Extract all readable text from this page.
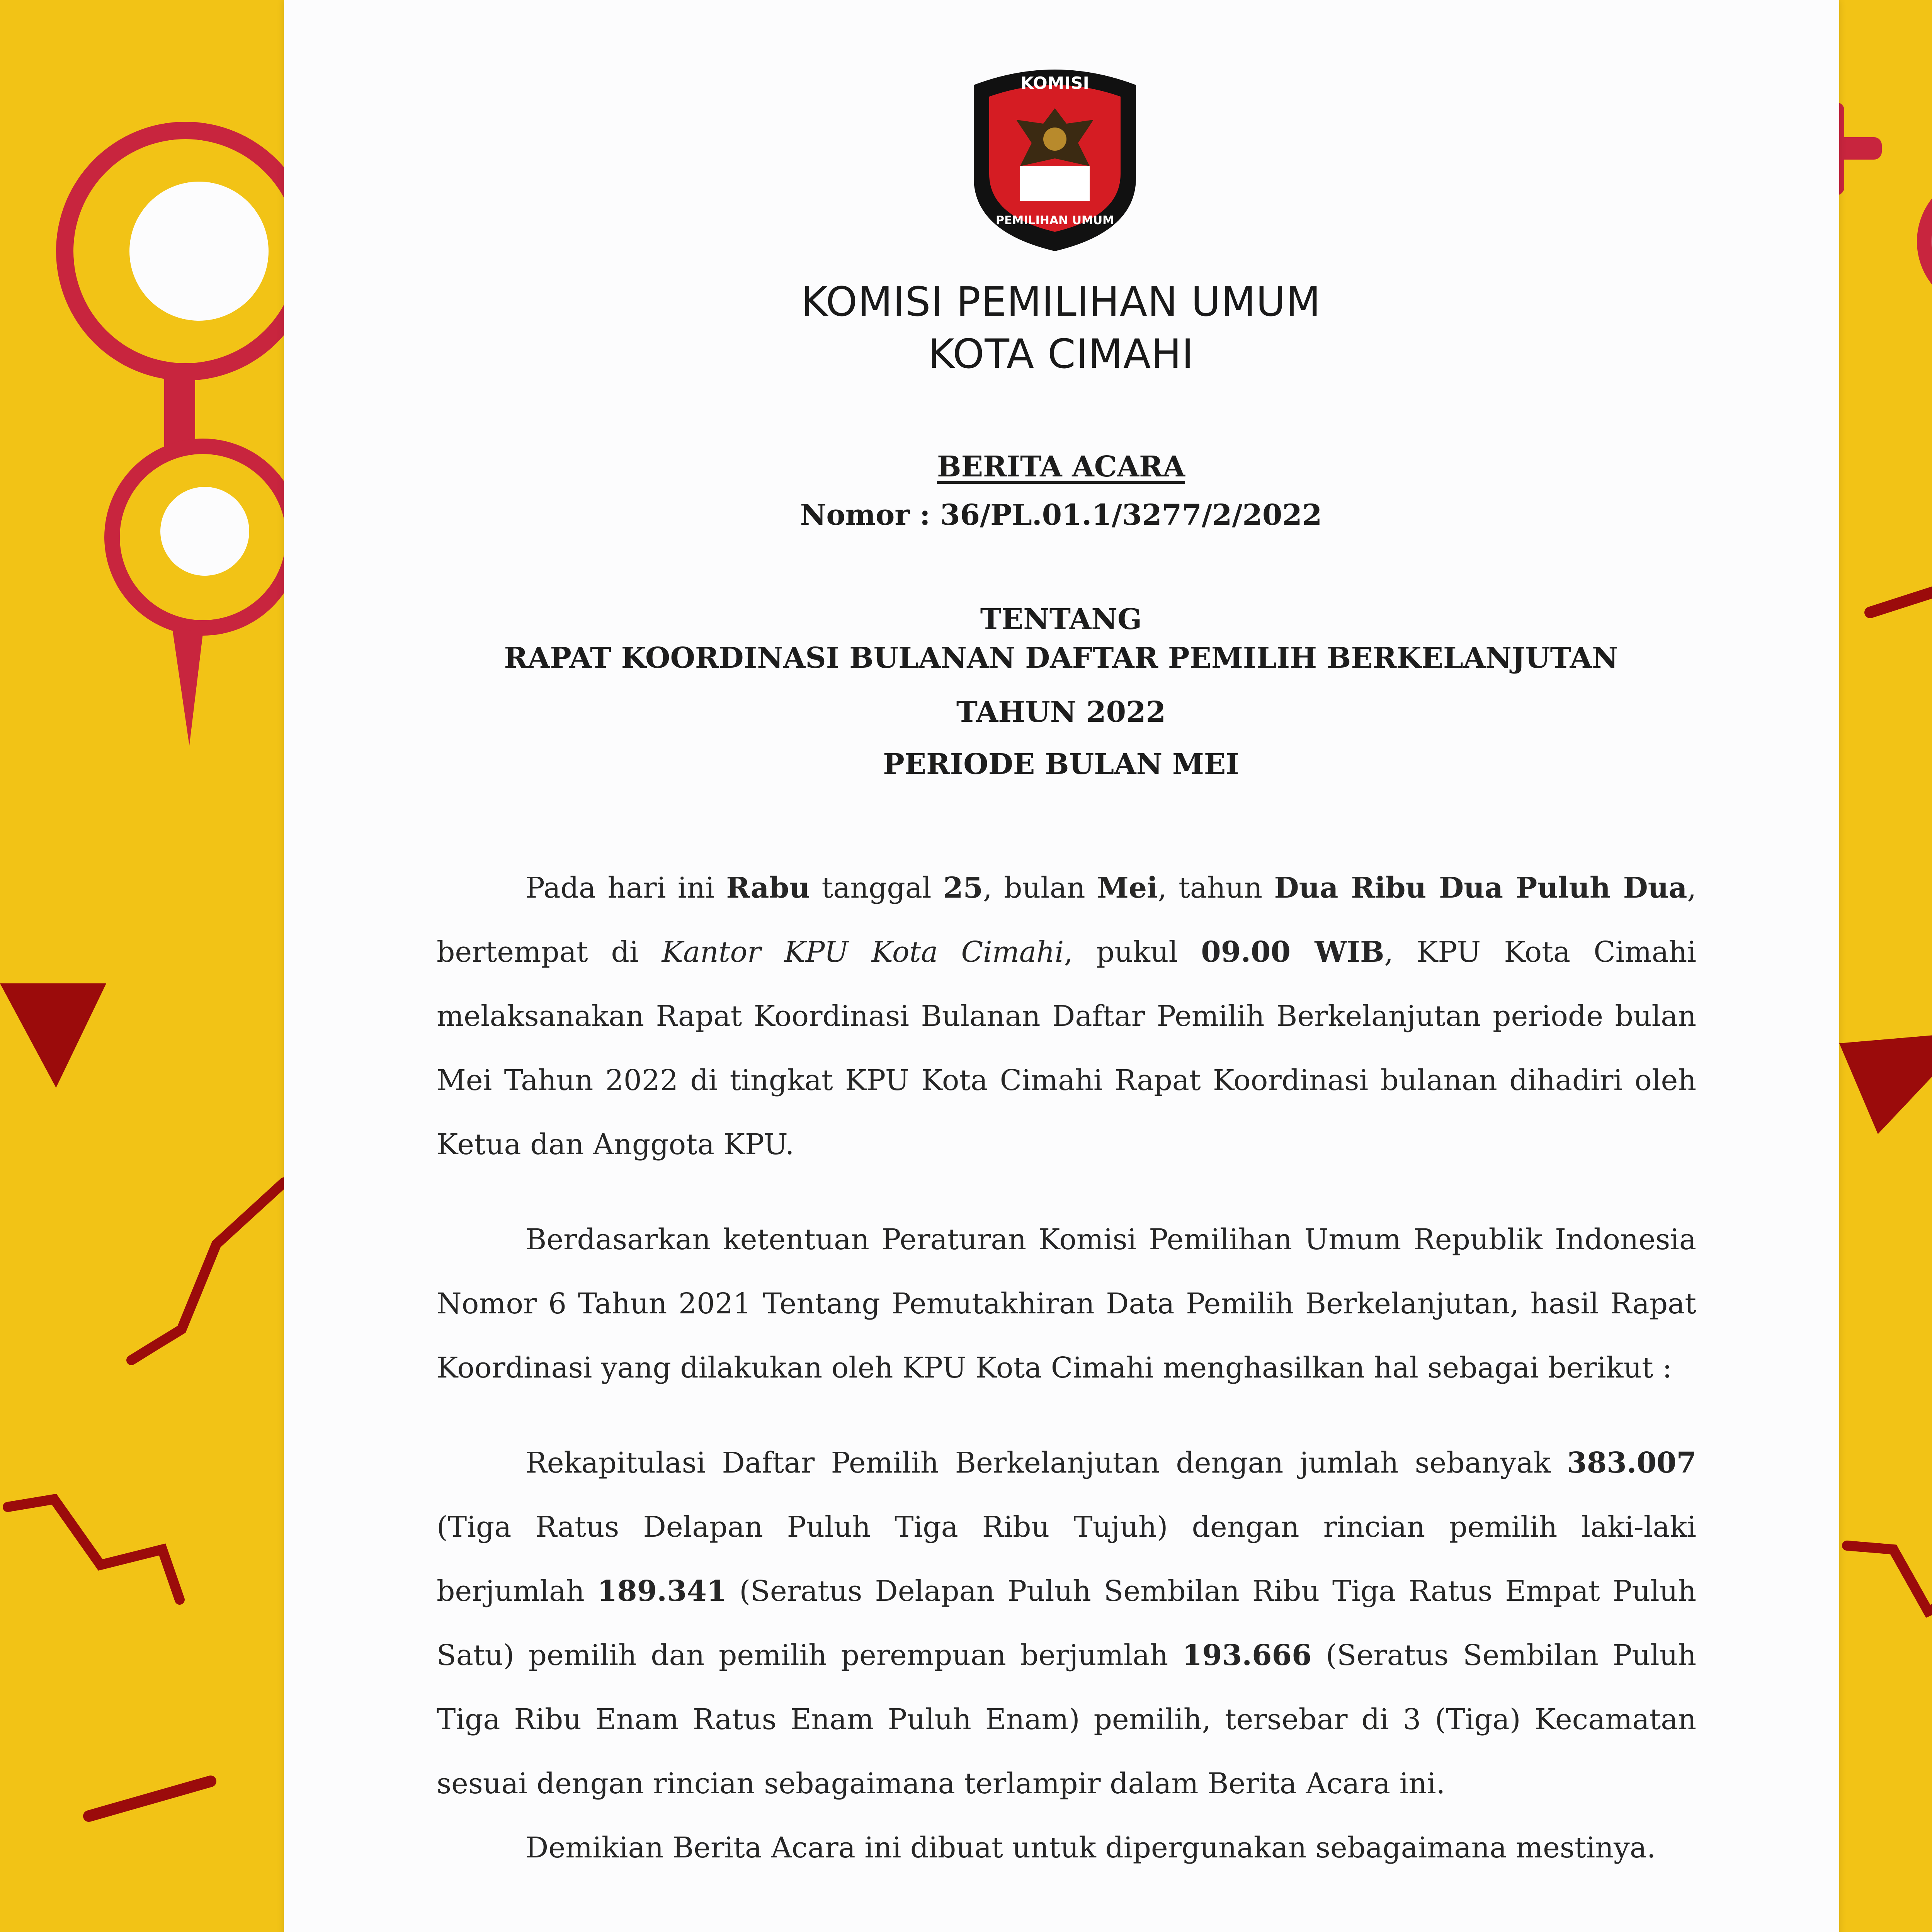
KOMISI
PEMILIHAN UMUM
KOMISI PEMILIHAN UMUM
KOTA CIMAHI
BERITA ACARA
Nomor : 36/PL.01.1/3277/2/2022
TENTANG
RAPAT KOORDINASI BULANAN DAFTAR PEMILIH BERKELANJUTAN
TAHUN 2022
PERIODE BULAN MEI

Pada hari ini Rabu tanggal 25, bulan Mei, tahun Dua Ribu Dua Puluh Dua, bertempat di Kantor KPU Kota Cimahi, pukul 09.00 WIB, KPU Kota Cimahi melaksanakan Rapat Koordinasi Bulanan Daftar Pemilih Berkelanjutan periode bulan Mei Tahun 2022 di tingkat KPU Kota Cimahi Rapat Koordinasi bulanan dihadiri oleh Ketua dan Anggota KPU.

Berdasarkan ketentuan Peraturan Komisi Pemilihan Umum Republik Indonesia Nomor 6 Tahun 2021 Tentang Pemutakhiran Data Pemilih Berkelanjutan, hasil Rapat Koordinasi yang dilakukan oleh KPU Kota Cimahi menghasilkan hal sebagai berikut :

Rekapitulasi Daftar Pemilih Berkelanjutan dengan jumlah sebanyak 383.007 (Tiga Ratus Delapan Puluh Tiga Ribu Tujuh) dengan rincian pemilih laki-laki berjumlah 189.341 (Seratus Delapan Puluh Sembilan Ribu Tiga Ratus Empat Puluh Satu) pemilih dan pemilih perempuan berjumlah 193.666 (Seratus Sembilan Puluh Tiga Ribu Enam Ratus Enam Puluh Enam) pemilih, tersebar di 3 (Tiga) Kecamatan sesuai dengan rincian sebagaimana terlampir dalam Berita Acara ini.

Demikian Berita Acara ini dibuat untuk dipergunakan sebagaimana mestinya.
